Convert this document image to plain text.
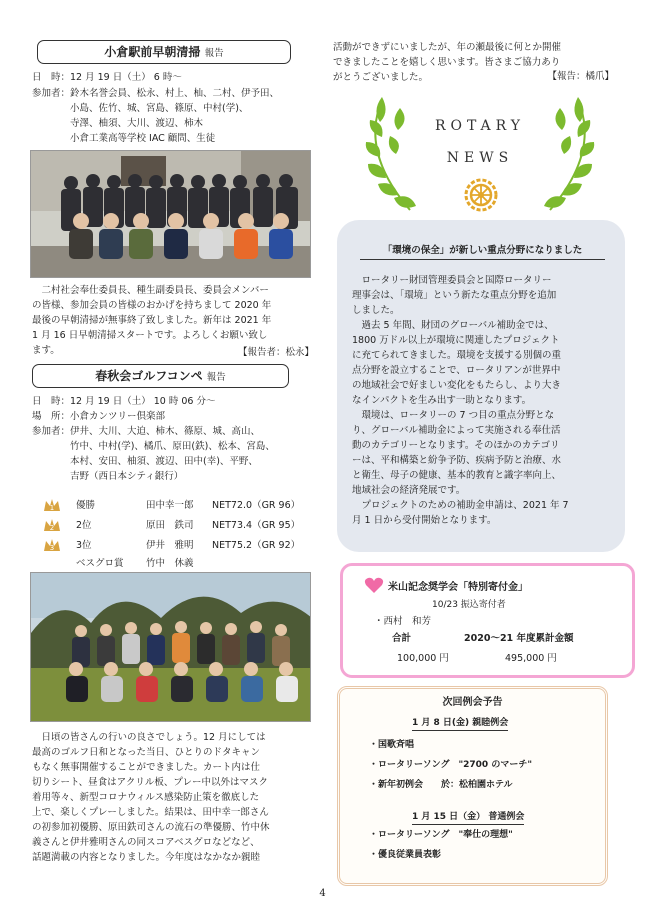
小倉駅前早朝清掃 報告
日　時：12 月 19 日（土） 6 時～
参加者：鈴木名誉会員、松永、村上、杣、二村、伊予田、
　　　　小島、佐竹、城、宮島、篠原、中村(学)、
　　　　寺澤、柚須、大川、渡辺、柿木
　　　　小倉工業高等学校 IAC 顧問、生徒
　二村社会奉仕委員長、種生副委員長、委員会メンバー
の皆様、参加会員の皆様のおかげを持ちまして 2020 年
最後の早朝清掃が無事終了致しました。新年は 2021 年
1 月 16 日早朝清掃スタートです。よろしくお願い致し
ます。	【報告者：松永】
春秋会ゴルフコンペ 報告
日　時：12 月 19 日（土） 10 時 06 分～
場　所：小倉カンツリー倶楽部
参加者：伊井、大川、大迫、柿木、篠原、城、高山、
　　　　竹中、中村(学)、橘爪、原田(鉄)、松本、宮島、
　　　　本村、安田、柚須、渡辺、田中(幸)、平野、
　　　　吉野（西日本シティ銀行）
1 優勝	田中幸一郎 NET72.0（GR 96）
2 2位	原田　鉄司 NET73.4（GR 95）
3 3位	伊井　雅明 NET75.2（GR 92）
ベスグロ賞 竹中　休義
　日頃の皆さんの行いの良さでしょう。12 月にしては
最高のゴルフ日和となった当日、ひとりのドタキャン
もなく無事開催することができました。カート内は仕
切りシート、昼食はアクリル板、プレー中以外はマスク
着用等々、新型コロナウィルス感染防止策を徹底した
上で、楽しくプレーしました。結果は、田中幸一郎さん
の初参加初優勝、原田鉄司さんの流石の準優勝、竹中休
義さんと伊井雅明さんの同スコアベスグロなどなど、
話題満載の内容となりました。今年度はなかなか親睦
活動ができずにいましたが、年の瀬最後に何とか開催
できましたことを嬉しく思います。皆さまご協力あり
がとうございました。	【報告：橘爪】
ROTARY
NEWS
「環境の保全」が新しい重点分野になりました
　ロータリー財団管理委員会と国際ロータリー
理事会は、「環境」という新たな重点分野を追加
しました。
　過去 5 年間、財団のグローバル補助金では、
1800 万ドル以上が環境に関連したプロジェクト
に充てられてきました。環境を支援する別個の重
点分野を設立することで、ロータリアンが世界中
の地域社会で好ましい変化をもたらし、より大き
なインパクトを生み出す一助となります。
　環境は、ロータリーの 7 つ目の重点分野とな
り、グローバル補助金によって実施される奉仕活
動のカテゴリーとなります。そのほかのカテゴリ
ーは、平和構築と紛争予防、疾病予防と治療、水
と衛生、母子の健康、基本的教育と識字率向上、
地域社会の経済発展です。
　プロジェクトのための補助金申請は、2021 年 7
月 1 日から受付開始となります。
米山記念奨学会「特別寄付金」
10/23 振込寄付者
・西村　和芳
合計	2020～21 年度累計金額
100,000 円	495,000 円
次回例会予告
1 月 8 日(金) 親睦例会
・国歌斉唱
・ロータリーソング　"2700 のマーチ"
・新年初例会　　於：松柏園ホテル
1 月 15 日（金） 普通例会
・ロータリーソング　"奉仕の理想"
・優良従業員表彰
4
